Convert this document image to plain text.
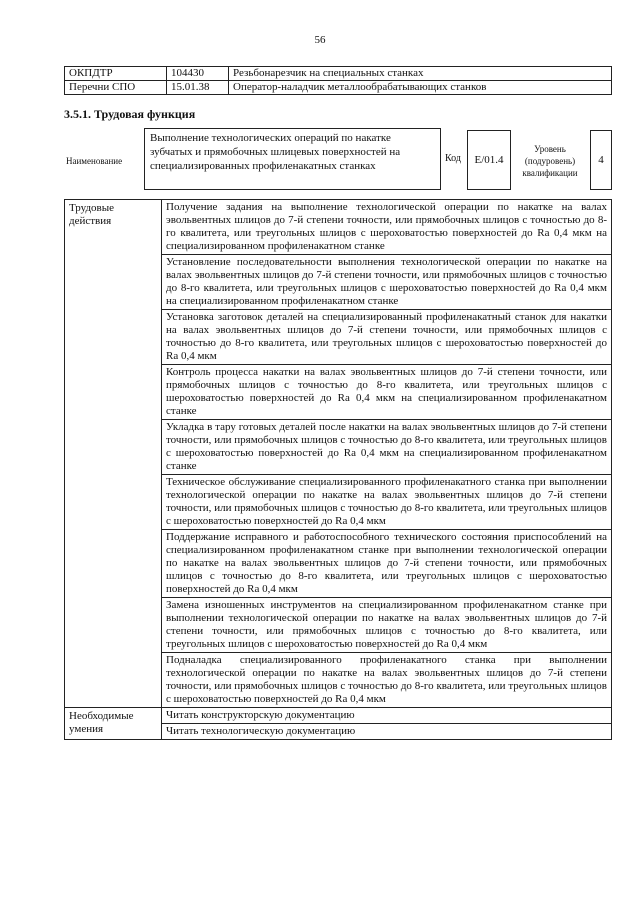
56
ОКПДТР	104430	Резьбонарезчик на специальных станках
Перечни СПО	15.01.38	Оператор-наладчик металлообрабатывающих станков
3.5.1. Трудовая функция
Наименование
Выполнение технологических операций по накатке зубчатых и прямобочных шлицевых поверхностей на специализированных профиленакатных станках
Код	E/01.4
Уровень (подуровень) квалификации
4
Трудовые действия	Получение задания на выполнение технологической операции по накатке на валах эвольвентных шлицов до 7-й степени точности, или прямобочных шлицов с точностью до 8-го квалитета, или треугольных шлицов с шероховатостью поверхностей до Ra 0,4 мкм на специализированном профиленакатном станке
	Установление последовательности выполнения технологической операции по накатке на валах эвольвентных шлицов до 7-й степени точности, или прямобочных шлицов с точностью до 8-го квалитета, или треугольных шлицов с шероховатостью поверхностей до Ra 0,4 мкм на специализированном профиленакатном станке
	Установка заготовок деталей на специализированный профиленакатный станок для накатки на валах эвольвентных шлицов до 7-й степени точности, или прямобочных шлицов с точностью до 8-го квалитета, или треугольных шлицов с шероховатостью поверхностей до Ra 0,4 мкм
	Контроль процесса накатки на валах эвольвентных шлицов до 7-й степени точности, или прямобочных шлицов с точностью до 8-го квалитета, или треугольных шлицов с шероховатостью поверхностей до Ra 0,4 мкм на специализированном профиленакатном станке
	Укладка в тару готовых деталей после накатки на валах эвольвентных шлицов до 7-й степени точности, или прямобочных шлицов с точностью до 8-го квалитета, или треугольных шлицов с шероховатостью поверхностей до Ra 0,4 мкм на специализированном профиленакатном станке
	Техническое обслуживание специализированного профиленакатного станка при выполнении технологической операции по накатке на валах эвольвентных шлицов до 7-й степени точности, или прямобочных шлицов с точностью до 8-го квалитета, или треугольных шлицов с шероховатостью поверхностей до Ra 0,4 мкм
	Поддержание исправного и работоспособного технического состояния приспособлений на специализированном профиленакатном станке при выполнении технологической операции по накатке на валах эвольвентных шлицов до 7-й степени точности, или прямобочных шлицов с точностью до 8-го квалитета, или треугольных шлицов с шероховатостью поверхностей до Ra 0,4 мкм
	Замена изношенных инструментов на специализированном профиленакатном станке при выполнении технологической операции по накатке на валах эвольвентных шлицов до 7-й степени точности, или прямобочных шлицов с точностью до 8-го квалитета, или треугольных шлицов с шероховатостью поверхностей до Ra 0,4 мкм
	Подналадка специализированного профиленакатного станка при выполнении технологической операции по накатке на валах эвольвентных шлицов до 7-й степени точности, или прямобочных шлицов с точностью до 8-го квалитета, или треугольных шлицов с шероховатостью поверхностей до Ra 0,4 мкм
Необходимые умения	Читать конструкторскую документацию
	Читать технологическую документацию
